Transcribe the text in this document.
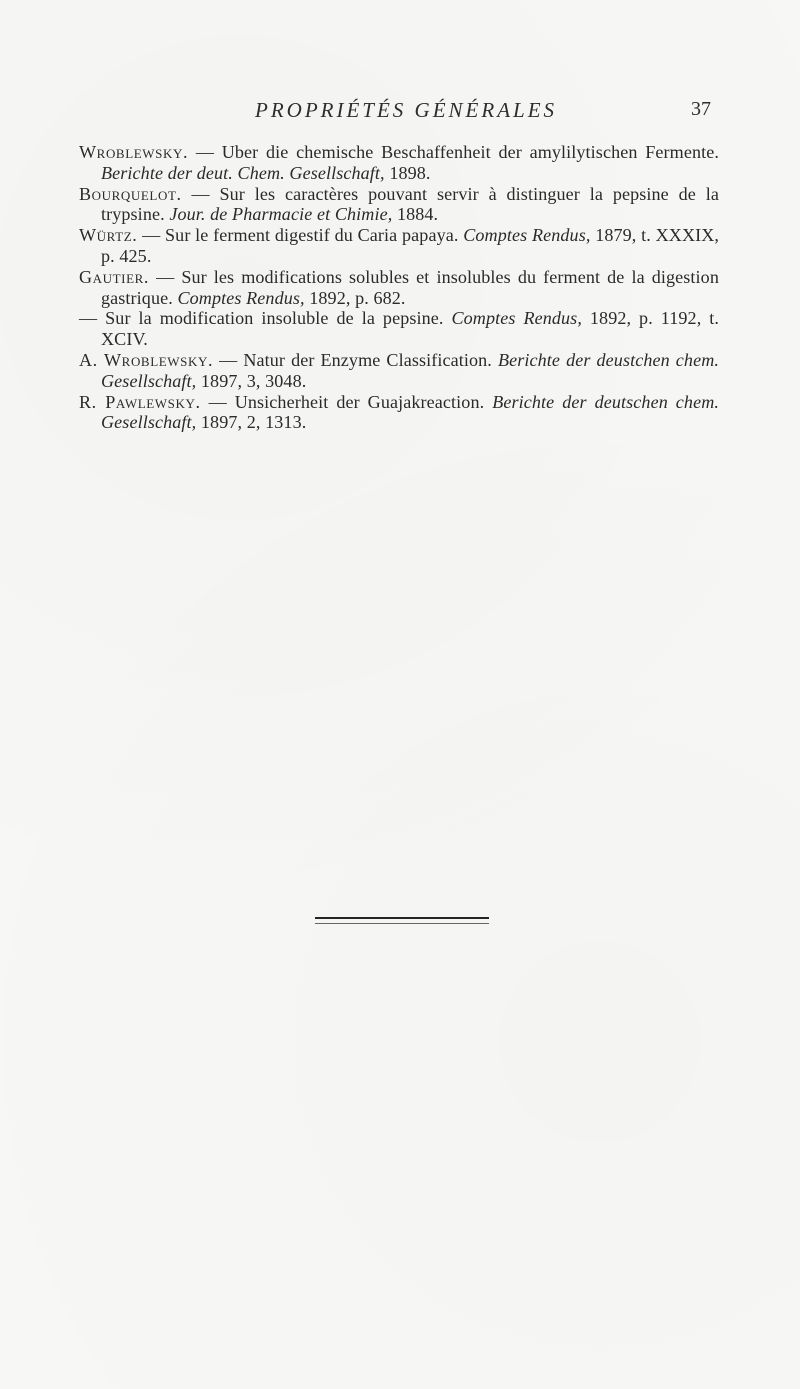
PROPRIÉTÉS GÉNÉRALES	37

Wroblewsky. — Uber die chemische Beschaffenheit der amylilytischen Fermente. Berichte der deut. Chem. Gesellschaft, 1898.

Bourquelot. — Sur les caractères pouvant servir à distinguer la pepsine de la trypsine. Jour. de Pharmacie et Chimie, 1884.

Würtz. — Sur le ferment digestif du Caria papaya. Comptes Rendus, 1879, t. XXXIX, p. 425.

Gautier. — Sur les modifications solubles et insolubles du ferment de la digestion gastrique. Comptes Rendus, 1892, p. 682.

— Sur la modification insoluble de la pepsine. Comptes Rendus, 1892, p. 1192, t. XCIV.

A. Wroblewsky. — Natur der Enzyme Classification. Berichte der deustchen chem. Gesellschaft, 1897, 3, 3048.

R. Pawlewsky. — Unsicherheit der Guajakreaction. Berichte der deutschen chem. Gesellschaft, 1897, 2, 1313.
